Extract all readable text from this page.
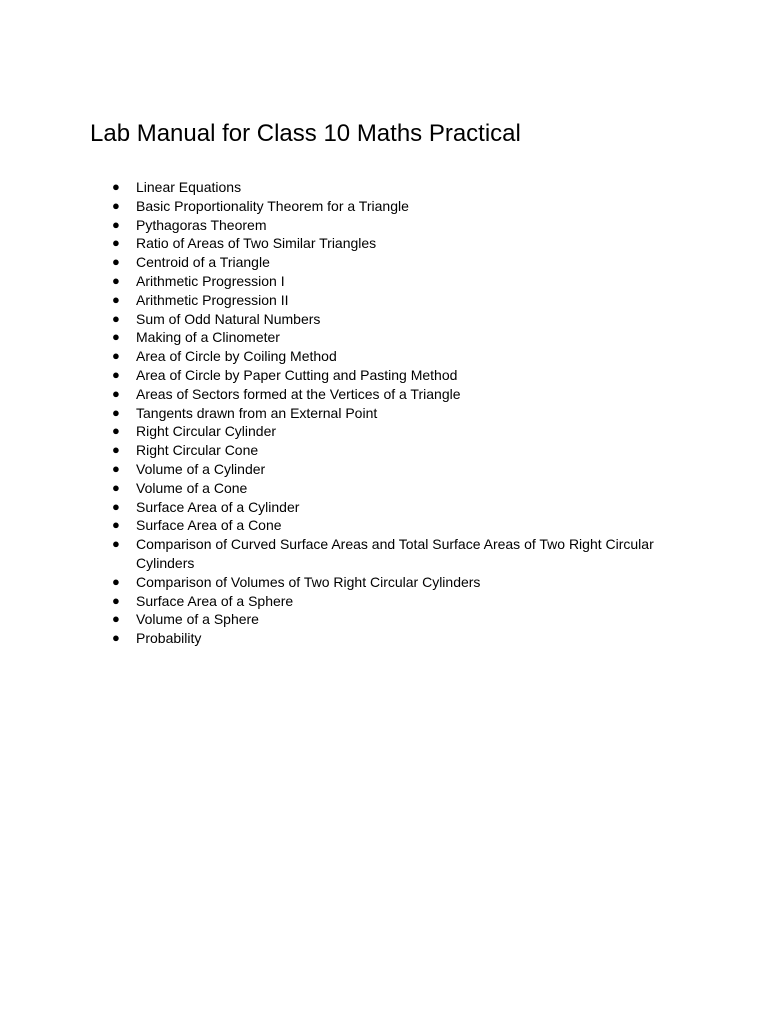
Lab Manual for Class 10 Maths Practical
● Linear Equations
● Basic Proportionality Theorem for a Triangle
● Pythagoras Theorem
● Ratio of Areas of Two Similar Triangles
● Centroid of a Triangle
● Arithmetic Progression I
● Arithmetic Progression II
● Sum of Odd Natural Numbers
● Making of a Clinometer
● Area of Circle by Coiling Method
● Area of Circle by Paper Cutting and Pasting Method
● Areas of Sectors formed at the Vertices of a Triangle
● Tangents drawn from an External Point
● Right Circular Cylinder
● Right Circular Cone
● Volume of a Cylinder
● Volume of a Cone
● Surface Area of a Cylinder
● Surface Area of a Cone
● Comparison of Curved Surface Areas and Total Surface Areas of Two Right Circular Cylinders
● Comparison of Volumes of Two Right Circular Cylinders
● Surface Area of a Sphere
● Volume of a Sphere
● Probability
